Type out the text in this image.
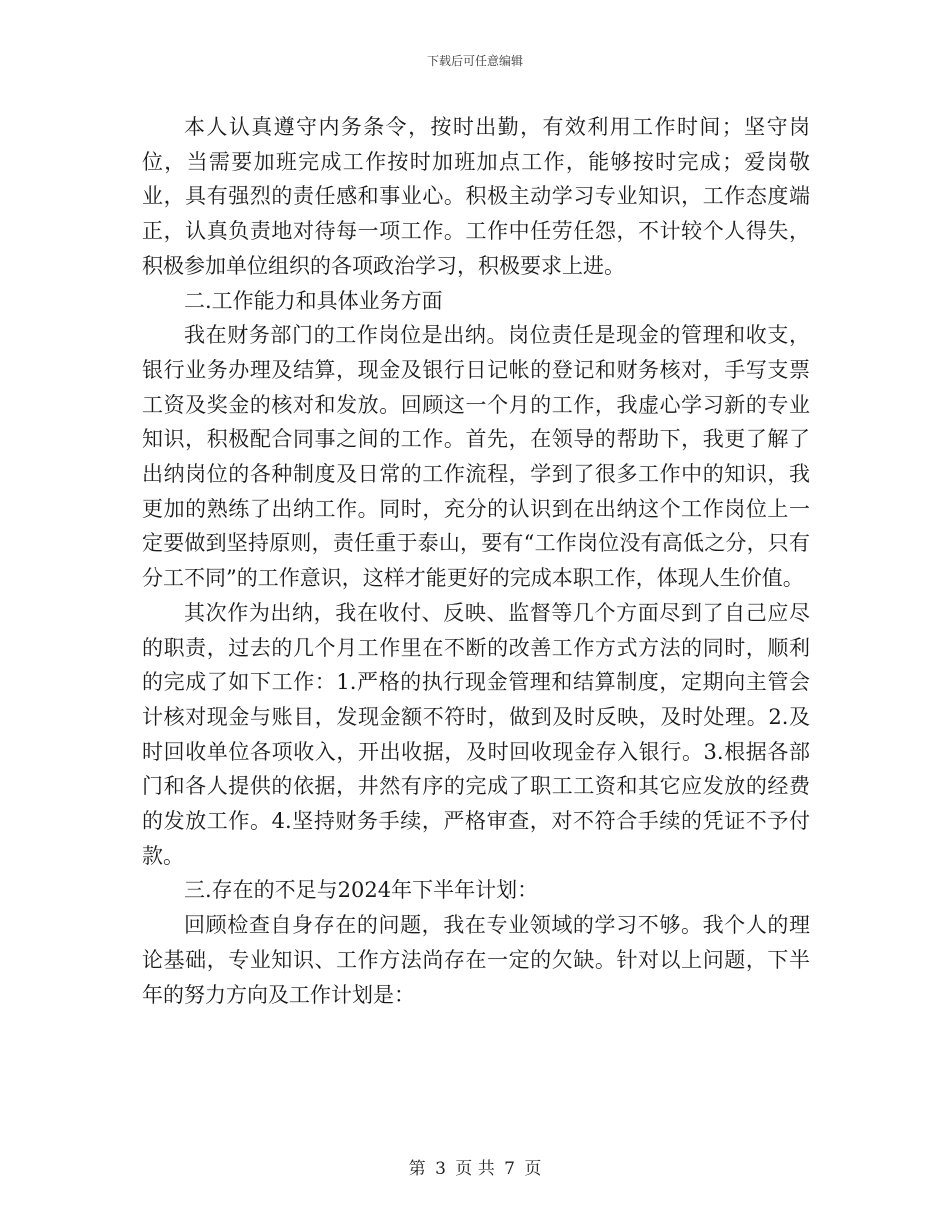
下载后可任意编辑

本人认真遵守内务条令，按时出勤，有效利用工作时间；坚守岗位，当需要加班完成工作按时加班加点工作，能够按时完成；爱岗敬业，具有强烈的责任感和事业心。积极主动学习专业知识，工作态度端正，认真负责地对待每一项工作。工作中任劳任怨，不计较个人得失，积极参加单位组织的各项政治学习，积极要求上进。

二.工作能力和具体业务方面

我在财务部门的工作岗位是出纳。岗位责任是现金的管理和收支，银行业务办理及结算，现金及银行日记帐的登记和财务核对，手写支票工资及奖金的核对和发放。回顾这一个月的工作，我虚心学习新的专业知识，积极配合同事之间的工作。首先，在领导的帮助下，我更了解了出纳岗位的各种制度及日常的工作流程，学到了很多工作中的知识，我更加的熟练了出纳工作。同时，充分的认识到在出纳这个工作岗位上一定要做到坚持原则，责任重于泰山，要有“工作岗位没有高低之分，只有分工不同”的工作意识，这样才能更好的完成本职工作，体现人生价值。

其次作为出纳，我在收付、反映、监督等几个方面尽到了自己应尽的职责，过去的几个月工作里在不断的改善工作方式方法的同时，顺利的完成了如下工作：1.严格的执行现金管理和结算制度，定期向主管会计核对现金与账目，发现金额不符时，做到及时反映，及时处理。2.及时回收单位各项收入，开出收据，及时回收现金存入银行。3.根据各部门和各人提供的依据，井然有序的完成了职工工资和其它应发放的经费的发放工作。4.坚持财务手续，严格审查，对不符合手续的凭证不予付款。

三.存在的不足与2024年下半年计划：

回顾检查自身存在的问题，我在专业领域的学习不够。我个人的理论基础，专业知识、工作方法尚存在一定的欠缺。针对以上问题，下半年的努力方向及工作计划是：

第 3 页 共 7 页
